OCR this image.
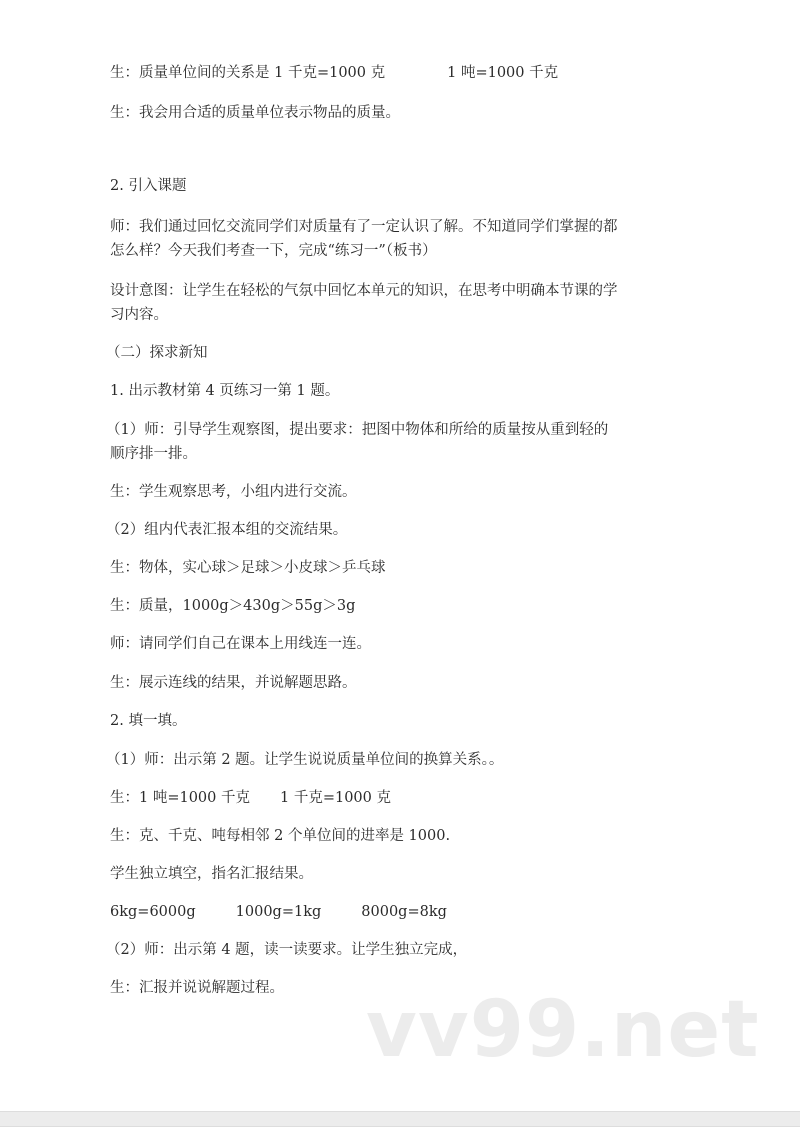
生：质量单位间的关系是 1 千克=1000 克	1 吨=1000 千克
生：我会用合适的质量单位表示物品的质量。
2. 引入课题
师：我们通过回忆交流同学们对质量有了一定认识了解。不知道同学们掌握的都
怎么样？今天我们考查一下，完成“练习一”（板书）
设计意图：让学生在轻松的气氛中回忆本单元的知识，在思考中明确本节课的学
习内容。
（二）探求新知
1. 出示教材第 4 页练习一第 1 题。
（1）师：引导学生观察图，提出要求：把图中物体和所给的质量按从重到轻的
顺序排一排。
生：学生观察思考，小组内进行交流。
（2）组内代表汇报本组的交流结果。
生：物体，实心球＞足球＞小皮球＞乒乓球
生：质量，1000g＞430g＞55g＞3g
师：请同学们自己在课本上用线连一连。
生：展示连线的结果，并说解题思路。
2. 填一填。
（1）师：出示第 2 题。让学生说说质量单位间的换算关系。。
生：1 吨=1000 千克 1 千克=1000 克
生：克、千克、吨每相邻 2 个单位间的进率是 1000.
学生独立填空，指名汇报结果。
6kg=6000g	1000g=1kg	8000g=8kg
（2）师：出示第 4 题，读一读要求。让学生独立完成，
生：汇报并说说解题过程。 vv99.net
